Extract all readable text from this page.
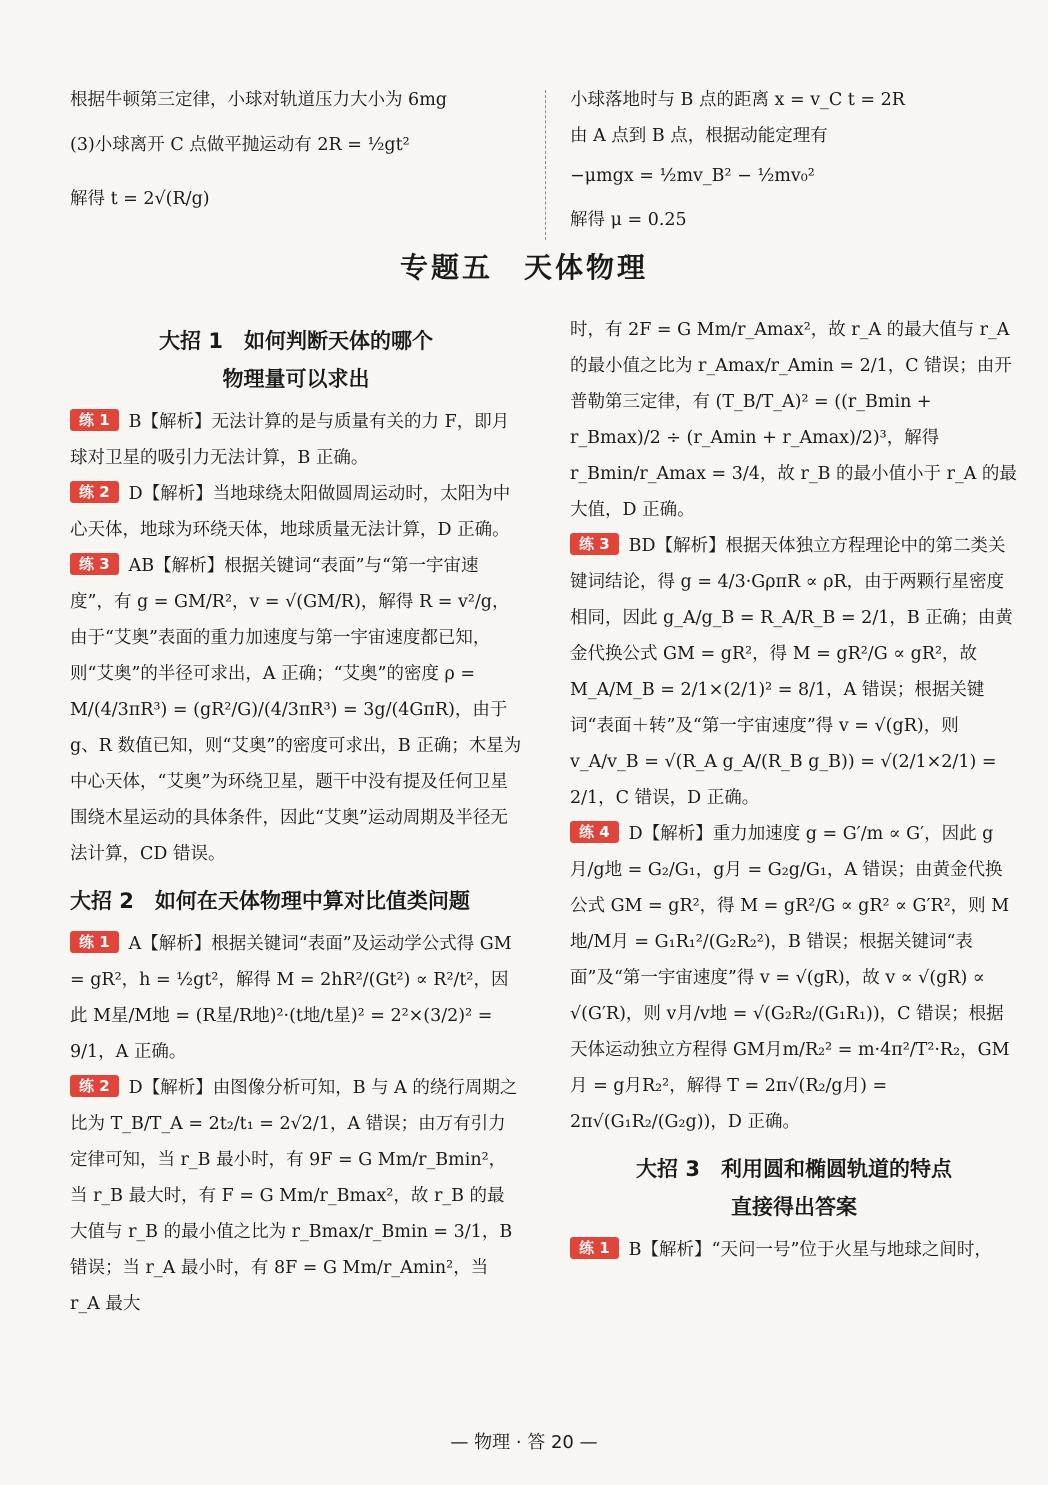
根据牛顿第三定律，小球对轨道压力大小为 6mg

(3)小球离开 C 点做平抛运动有 2R = ½gt²

解得 t = 2√(R/g)

小球落地时与 B 点的距离 x = v_C t = 2R

由 A 点到 B 点，根据动能定理有

−μmgx = ½mv_B² − ½mv₀²

解得 μ = 0.25

专题五　天体物理
大招 1　如何判断天体的哪个
物理量可以求出

练 1 B【解析】无法计算的是与质量有关的力 F，即月球对卫星的吸引力无法计算，B 正确。

练 2 D【解析】当地球绕太阳做圆周运动时，太阳为中心天体，地球为环绕天体，地球质量无法计算，D 正确。

练 3 AB【解析】根据关键词“表面”与“第一宇宙速度”，有 g = GM/R²，v = √(GM/R)，解得 R = v²/g，由于“艾奥”表面的重力加速度与第一宇宙速度都已知，则“艾奥”的半径可求出，A 正确；“艾奥”的密度 ρ = M/(4/3πR³) = (gR²/G)/(4/3πR³) = 3g/(4GπR)，由于 g、R 数值已知，则“艾奥”的密度可求出，B 正确；木星为中心天体，“艾奥”为环绕卫星，题干中没有提及任何卫星围绕木星运动的具体条件，因此“艾奥”运动周期及半径无法计算，CD 错误。

大招 2　如何在天体物理中算对比值类问题

练 1 A【解析】根据关键词“表面”及运动学公式得 GM = gR²，h = ½gt²，解得 M = 2hR²/(Gt²) ∝ R²/t²，因此 M星/M地 = (R星/R地)²·(t地/t星)² = 2²×(3/2)² = 9/1，A 正确。

练 2 D【解析】由图像分析可知，B 与 A 的绕行周期之比为 T_B/T_A = 2t₂/t₁ = 2√2/1，A 错误；由万有引力定律可知，当 r_B 最小时，有 9F = G Mm/r_Bmin²，当 r_B 最大时，有 F = G Mm/r_Bmax²，故 r_B 的最大值与 r_B 的最小值之比为 r_Bmax/r_Bmin = 3/1，B 错误；当 r_A 最小时，有 8F = G Mm/r_Amin²，当 r_A 最大

时，有 2F = G Mm/r_Amax²，故 r_A 的最大值与 r_A 的最小值之比为 r_Amax/r_Amin = 2/1，C 错误；由开普勒第三定律，有 (T_B/T_A)² = ((r_Bmin + r_Bmax)/2 ÷ (r_Amin + r_Amax)/2)³，解得 r_Bmin/r_Amax = 3/4，故 r_B 的最小值小于 r_A 的最大值，D 正确。

练 3 BD【解析】根据天体独立方程理论中的第二类关键词结论，得 g = 4/3·GρπR ∝ ρR，由于两颗行星密度相同，因此 g_A/g_B = R_A/R_B = 2/1，B 正确；由黄金代换公式 GM = gR²，得 M = gR²/G ∝ gR²，故 M_A/M_B = 2/1×(2/1)² = 8/1，A 错误；根据关键词“表面＋转”及“第一宇宙速度”得 v = √(gR)，则 v_A/v_B = √(R_A g_A/(R_B g_B)) = √(2/1×2/1) = 2/1，C 错误，D 正确。

练 4 D【解析】重力加速度 g = G′/m ∝ G′，因此 g月/g地 = G₂/G₁，g月 = G₂g/G₁，A 错误；由黄金代换公式 GM = gR²，得 M = gR²/G ∝ gR² ∝ G′R²，则 M地/M月 = G₁R₁²/(G₂R₂²)，B 错误；根据关键词“表面”及“第一宇宙速度”得 v = √(gR)，故 v ∝ √(gR) ∝ √(G′R)，则 v月/v地 = √(G₂R₂/(G₁R₁))，C 错误；根据天体运动独立方程得 GM月m/R₂² = m·4π²/T²·R₂，GM月 = g月R₂²，解得 T = 2π√(R₂/g月) = 2π√(G₁R₂/(G₂g))，D 正确。

大招 3　利用圆和椭圆轨道的特点
直接得出答案

练 1 B【解析】“天问一号”位于火星与地球之间时，

— 物理 · 答 20 —
